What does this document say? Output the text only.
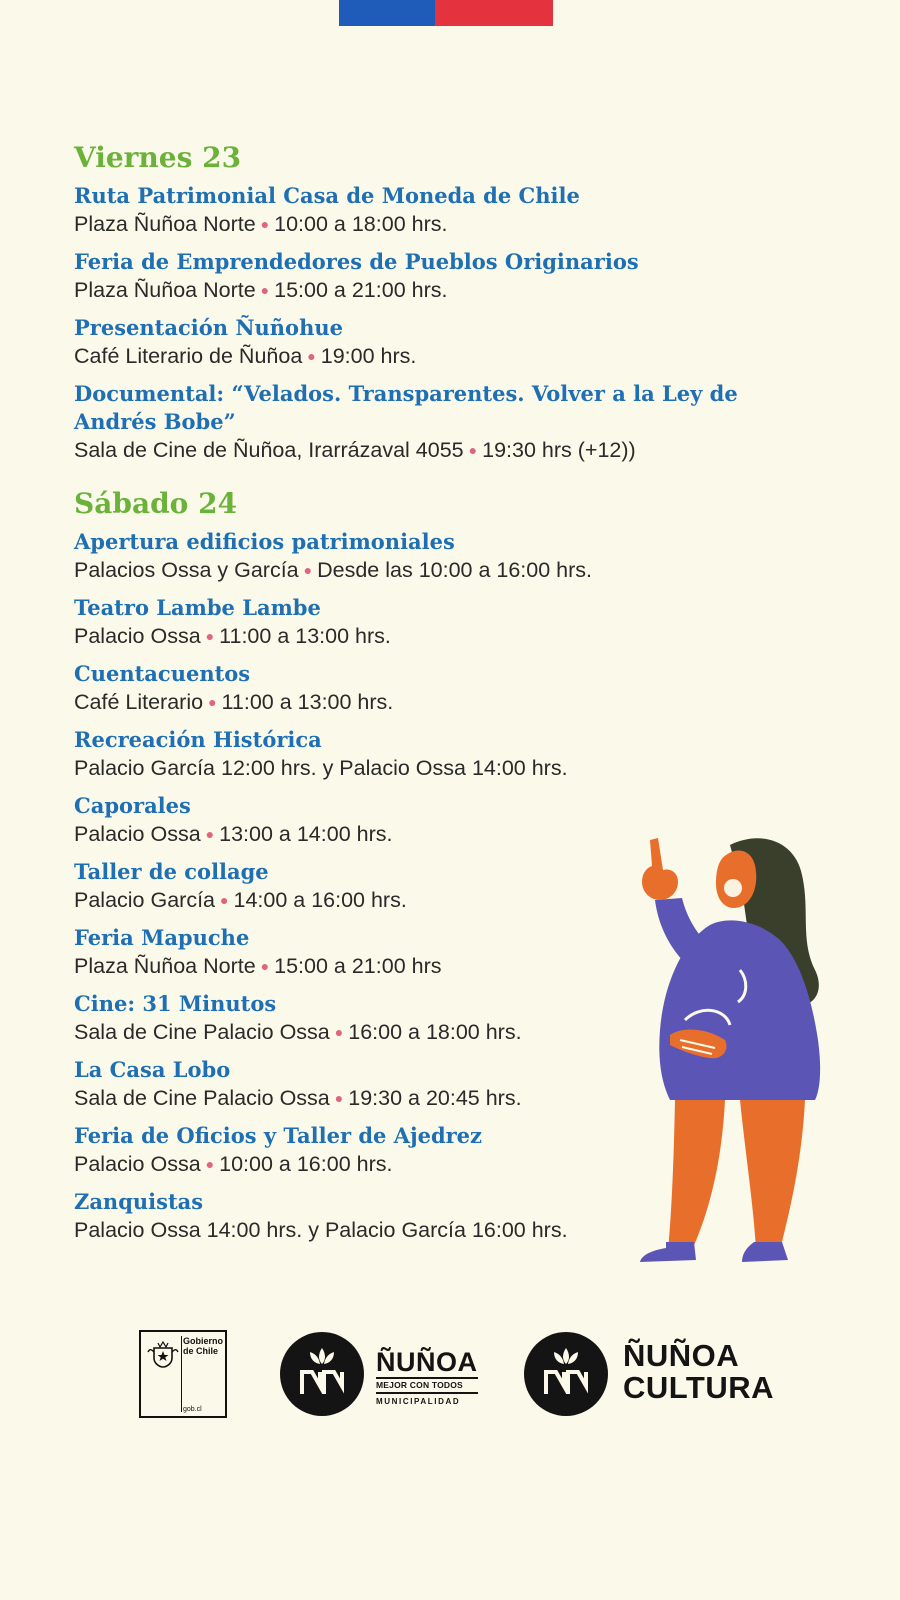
Viernes 23
Ruta Patrimonial Casa de Moneda de Chile
Plaza Ñuñoa Norte ● 10:00 a 18:00 hrs.
Feria de Emprendedores de Pueblos Originarios
Plaza Ñuñoa Norte ● 15:00 a 21:00 hrs.
Presentación Ñuñohue
Café Literario de Ñuñoa ● 19:00 hrs.
Documental: “Velados. Transparentes. Volver a la Ley de Andrés Bobe”
Sala de Cine de Ñuñoa, Irarrázaval 4055 ● 19:30 hrs (+12))
Sábado 24
Apertura edificios patrimoniales
Palacios Ossa y García ● Desde las 10:00 a 16:00 hrs.
Teatro Lambe Lambe
Palacio Ossa ● 11:00 a 13:00 hrs.
Cuentacuentos
Café Literario ● 11:00 a 13:00 hrs.
Recreación Histórica
Palacio García 12:00 hrs. y Palacio Ossa 14:00 hrs.
Caporales
Palacio Ossa ● 13:00 a 14:00 hrs.
Taller de collage
Palacio García ● 14:00 a 16:00 hrs.
Feria Mapuche
Plaza Ñuñoa Norte ● 15:00 a 21:00 hrs
Cine: 31 Minutos
Sala de Cine Palacio Ossa ● 16:00 a 18:00 hrs.
La Casa Lobo
Sala de Cine Palacio Ossa ● 19:30 a 20:45 hrs.
Feria de Oficios y Taller de Ajedrez
Palacio Ossa ● 10:00 a 16:00 hrs.
Zanquistas
Palacio Ossa 14:00 hrs. y Palacio García 16:00 hrs.
Gobierno
de Chile
gob.cl
ÑUÑOA
MEJOR CON TODOS
MUNICIPALIDAD
ÑUÑOA
CULTURA
